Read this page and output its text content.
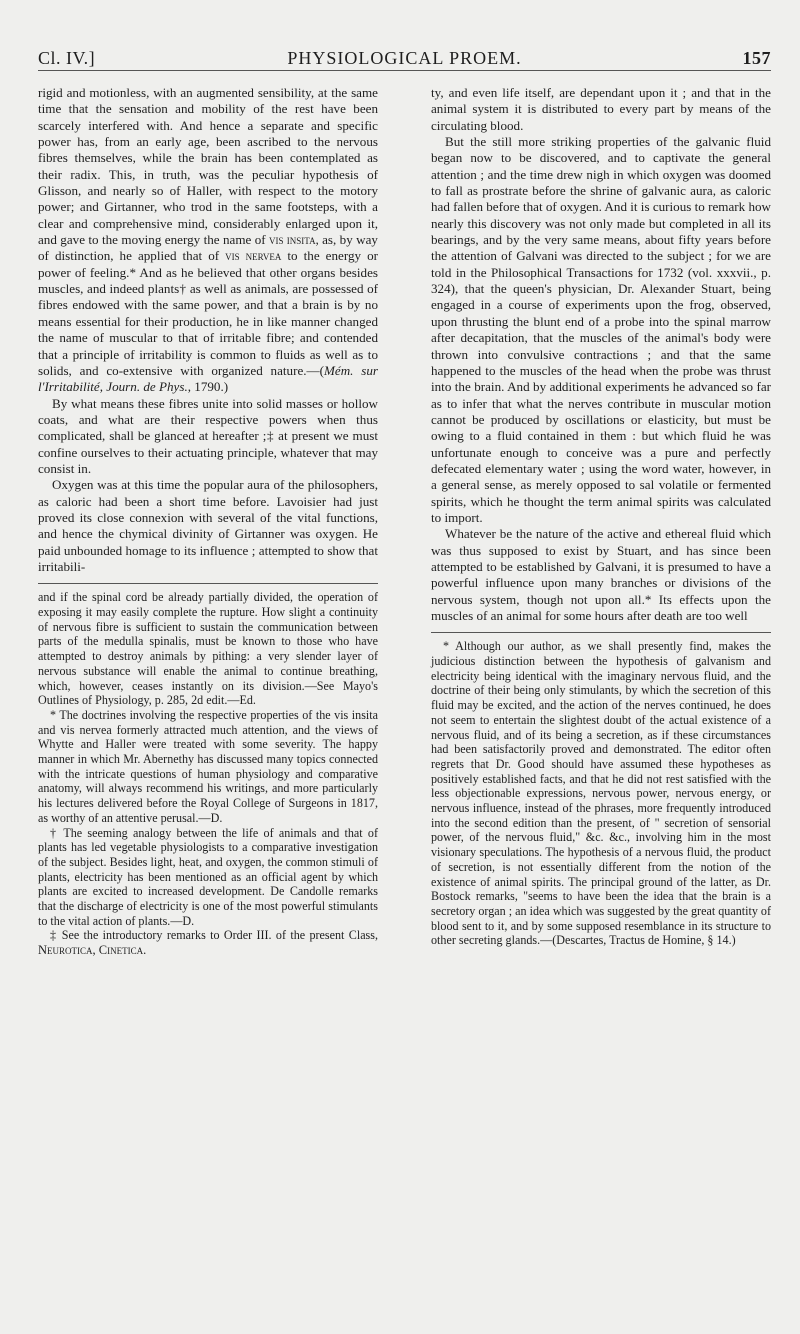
Cl. IV.]	PHYSIOLOGICAL PROEM.	157

rigid and motionless, with an augmented sensibility, at the same time that the sensation and mobility of the rest have been scarcely interfered with. And hence a separate and specific power has, from an early age, been ascribed to the nervous fibres themselves, while the brain has been contemplated as their radix. This, in truth, was the peculiar hypothesis of Glisson, and nearly so of Haller, with respect to the motory power; and Girtanner, who trod in the same footsteps, with a clear and comprehensive mind, considerably enlarged upon it, and gave to the moving energy the name of vis insita, as, by way of distinction, he applied that of vis nervea to the energy or power of feeling.* And as he believed that other organs besides muscles, and indeed plants† as well as animals, are possessed of fibres endowed with the same power, and that a brain is by no means essential for their production, he in like manner changed the name of muscular to that of irritable fibre; and contended that a principle of irritability is common to fluids as well as to solids, and co-extensive with organized nature.—(Mém. sur l'Irritabilité, Journ. de Phys., 1790.)

By what means these fibres unite into solid masses or hollow coats, and what are their respective powers when thus complicated, shall be glanced at hereafter ;‡ at present we must confine ourselves to their actuating principle, whatever that may consist in.

Oxygen was at this time the popular aura of the philosophers, as caloric had been a short time before. Lavoisier had just proved its close connexion with several of the vital functions, and hence the chymical divinity of Girtanner was oxygen. He paid unbounded homage to its influence ; attempted to show that irritabili-

and if the spinal cord be already partially divided, the operation of exposing it may easily complete the rupture. How slight a continuity of nervous fibre is sufficient to sustain the communication between parts of the medulla spinalis, must be known to those who have attempted to destroy animals by pithing: a very slender layer of nervous substance will enable the animal to continue breathing, which, however, ceases instantly on its division.—See Mayo's Outlines of Physiology, p. 285, 2d edit.—Ed.

* The doctrines involving the respective properties of the vis insita and vis nervea formerly attracted much attention, and the views of Whytte and Haller were treated with some severity. The happy manner in which Mr. Abernethy has discussed many topics connected with the intricate questions of human physiology and comparative anatomy, will always recommend his writings, and more particularly his lectures delivered before the Royal College of Surgeons in 1817, as worthy of an attentive perusal.—D.

† The seeming analogy between the life of animals and that of plants has led vegetable physiologists to a comparative investigation of the subject. Besides light, heat, and oxygen, the common stimuli of plants, electricity has been mentioned as an official agent by which plants are excited to increased development. De Candolle remarks that the discharge of electricity is one of the most powerful stimulants to the vital action of plants.—D.

‡ See the introductory remarks to Order III. of the present Class, Neurotica, Cinetica.

ty, and even life itself, are dependant upon it ; and that in the animal system it is distributed to every part by means of the circulating blood.

But the still more striking properties of the galvanic fluid began now to be discovered, and to captivate the general attention ; and the time drew nigh in which oxygen was doomed to fall as prostrate before the shrine of galvanic aura, as caloric had fallen before that of oxygen. And it is curious to remark how nearly this discovery was not only made but completed in all its bearings, and by the very same means, about fifty years before the attention of Galvani was directed to the subject ; for we are told in the Philosophical Transactions for 1732 (vol. xxxvii., p. 324), that the queen's physician, Dr. Alexander Stuart, being engaged in a course of experiments upon the frog, observed, upon thrusting the blunt end of a probe into the spinal marrow after decapitation, that the muscles of the animal's body were thrown into convulsive contractions ; and that the same happened to the muscles of the head when the probe was thrust into the brain. And by additional experiments he advanced so far as to infer that what the nerves contribute in muscular motion cannot be produced by oscillations or elasticity, but must be owing to a fluid contained in them : but which fluid he was unfortunate enough to conceive was a pure and perfectly defecated elementary water ; using the word water, however, in a general sense, as merely opposed to sal volatile or fermented spirits, which he thought the term animal spirits was calculated to import.

Whatever be the nature of the active and ethereal fluid which was thus supposed to exist by Stuart, and has since been attempted to be established by Galvani, it is presumed to have a powerful influence upon many branches or divisions of the nervous system, though not upon all.* Its effects upon the muscles of an animal for some hours after death are too well

* Although our author, as we shall presently find, makes the judicious distinction between the hypothesis of galvanism and electricity being identical with the imaginary nervous fluid, and the doctrine of their being only stimulants, by which the secretion of this fluid may be excited, and the action of the nerves continued, he does not seem to entertain the slightest doubt of the actual existence of a nervous fluid, and of its being a secretion, as if these circumstances had been satisfactorily proved and demonstrated. The editor often regrets that Dr. Good should have assumed these hypotheses as positively established facts, and that he did not rest satisfied with the less objectionable expressions, nervous power, nervous energy, or nervous influence, instead of the phrases, more frequently introduced into the second edition than the present, of " secretion of sensorial power, of the nervous fluid," &c. &c., involving him in the most visionary speculations. The hypothesis of a nervous fluid, the product of secretion, is not essentially different from the notion of the existence of animal spirits. The principal ground of the latter, as Dr. Bostock remarks, "seems to have been the idea that the brain is a secretory organ ; an idea which was suggested by the great quantity of blood sent to it, and by some supposed resemblance in its structure to other secreting glands.—(Descartes, Tractus de Homine, § 14.)
